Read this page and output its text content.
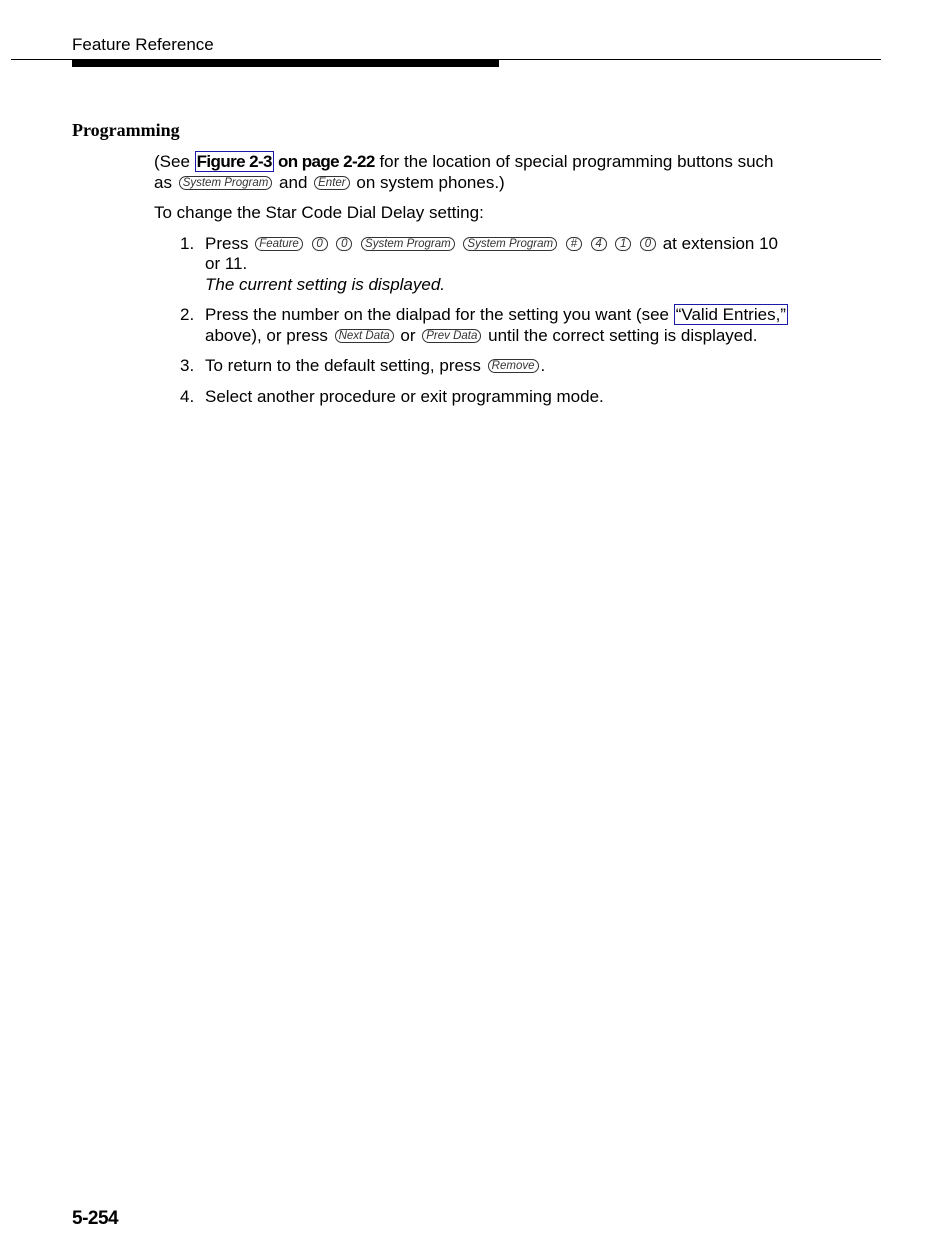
Feature Reference
Programming

(See Figure 2-3 on page 2-22 for the location of special programming buttons such as System Program and Enter on system phones.)

To change the Star Code Dial Delay setting:

1. Press Feature 0 0 System Program System Program # 4 1 0 at extension 10 or 11.
The current setting is displayed.
2. Press the number on the dialpad for the setting you want (see “Valid Entries,” above), or press Next Data or Prev Data until the correct setting is displayed.
3. To return to the default setting, press Remove .
4. Select another procedure or exit programming mode.
5-254
